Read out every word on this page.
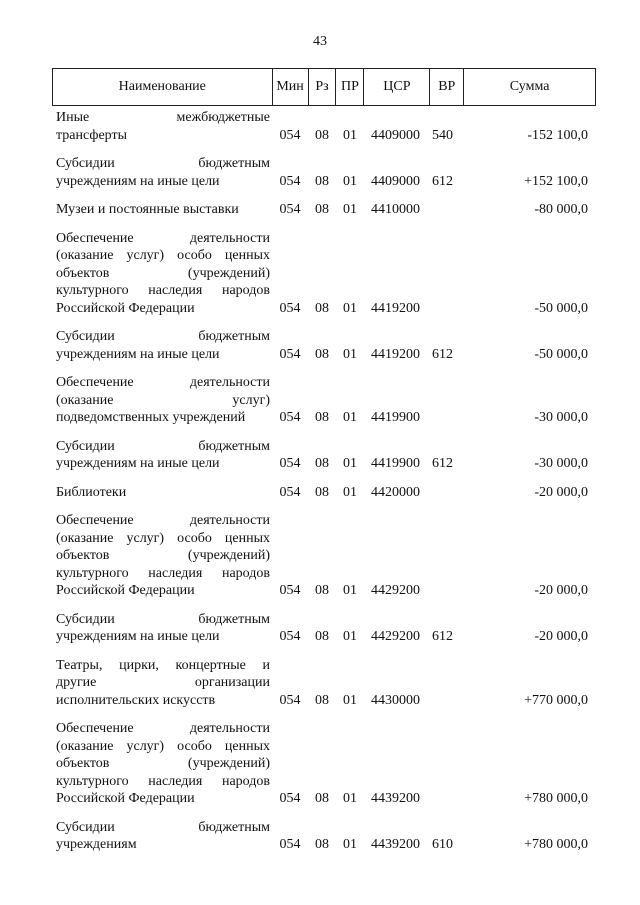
43
Наименование	Мин Рз ПР	ЦСР	ВР	Сумма
Иные межбюджетные
трансферты	054	08	01	4409000 540	-152 100,0
Субсидии бюджетным
учреждениям на иные цели	054	08	01	4409000 612	+152 100,0
Музеи и постоянные выставки	054	08	01	4410000	-80 000,0
Обеспечение деятельности
(оказание услуг) особо ценных
объектов (учреждений)
культурного наследия народов
Российской Федерации	054	08	01	4419200	-50 000,0
Субсидии бюджетным
учреждениям на иные цели	054	08	01	4419200 612	-50 000,0
Обеспечение деятельности
(оказание услуг)
подведомственных учреждений	054	08	01	4419900	-30 000,0
Субсидии бюджетным
учреждениям на иные цели	054	08	01	4419900 612	-30 000,0
Библиотеки	054	08	01	4420000	-20 000,0
Обеспечение деятельности
(оказание услуг) особо ценных
объектов (учреждений)
культурного наследия народов
Российской Федерации	054	08	01	4429200	-20 000,0
Субсидии бюджетным
учреждениям на иные цели	054	08	01	4429200 612	-20 000,0
Театры, цирки, концертные и
другие организации
исполнительских искусств	054	08	01	4430000	+770 000,0
Обеспечение деятельности
(оказание услуг) особо ценных
объектов (учреждений)
культурного наследия народов
Российской Федерации	054	08	01	4439200	+780 000,0
Субсидии бюджетным
учреждениям	054	08	01	4439200 610	+780 000,0
